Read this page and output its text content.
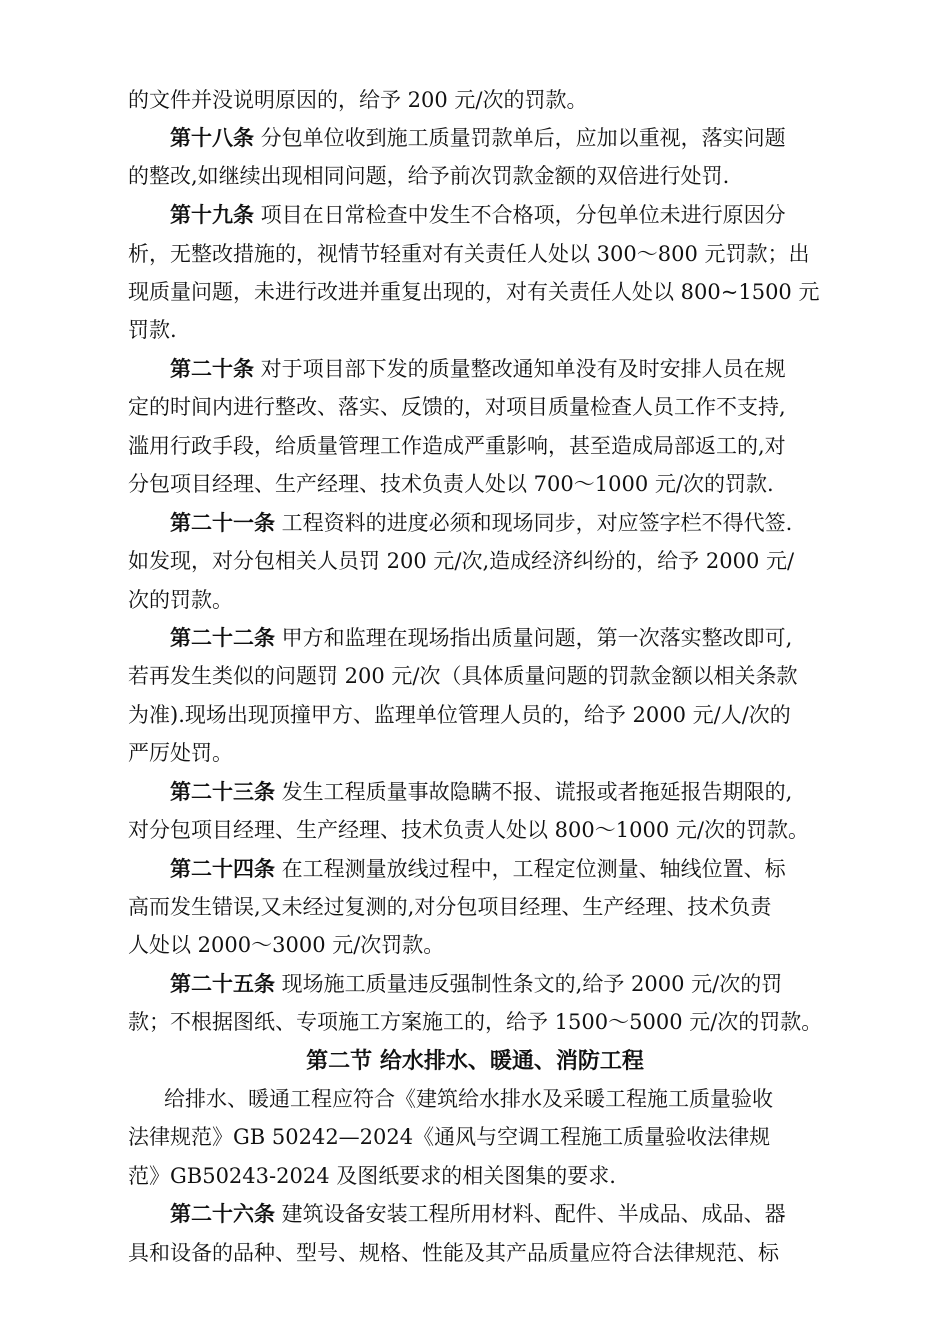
的文件并没说明原因的，给予 200 元/次的罚款。
第十八条 分包单位收到施工质量罚款单后，应加以重视，落实问题
的整改,如继续出现相同问题，给予前次罚款金额的双倍进行处罚.
第十九条 项目在日常检查中发生不合格项，分包单位未进行原因分
析，无整改措施的，视情节轻重对有关责任人处以 300～800 元罚款；出
现质量问题，未进行改进并重复出现的，对有关责任人处以 800~1500 元
罚款.
第二十条 对于项目部下发的质量整改通知单没有及时安排人员在规
定的时间内进行整改、落实、反馈的，对项目质量检查人员工作不支持,
滥用行政手段，给质量管理工作造成严重影响，甚至造成局部返工的,对
分包项目经理、生产经理、技术负责人处以 700～1000 元/次的罚款.
第二十一条 工程资料的进度必须和现场同步，对应签字栏不得代签.
如发现，对分包相关人员罚 200 元/次,造成经济纠纷的，给予 2000 元/
次的罚款。
第二十二条 甲方和监理在现场指出质量问题，第一次落实整改即可,
若再发生类似的问题罚 200 元/次（具体质量问题的罚款金额以相关条款
为准).现场出现顶撞甲方、监理单位管理人员的，给予 2000 元/人/次的
严厉处罚。
第二十三条 发生工程质量事故隐瞒不报、谎报或者拖延报告期限的,
对分包项目经理、生产经理、技术负责人处以 800～1000 元/次的罚款。
第二十四条 在工程测量放线过程中，工程定位测量、轴线位置、标
高而发生错误,又未经过复测的,对分包项目经理、生产经理、技术负责
人处以 2000～3000 元/次罚款。
第二十五条 现场施工质量违反强制性条文的,给予 2000 元/次的罚
款；不根据图纸、专项施工方案施工的，给予 1500～5000 元/次的罚款。
第二节 给水排水、暖通、消防工程
给排水、暖通工程应符合《建筑给水排水及采暖工程施工质量验收
法律规范》GB 50242—2024《通风与空调工程施工质量验收法律规
范》GB50243-2024 及图纸要求的相关图集的要求.
第二十六条 建筑设备安装工程所用材料、配件、半成品、成品、器
具和设备的品种、型号、规格、性能及其产品质量应符合法律规范、标
